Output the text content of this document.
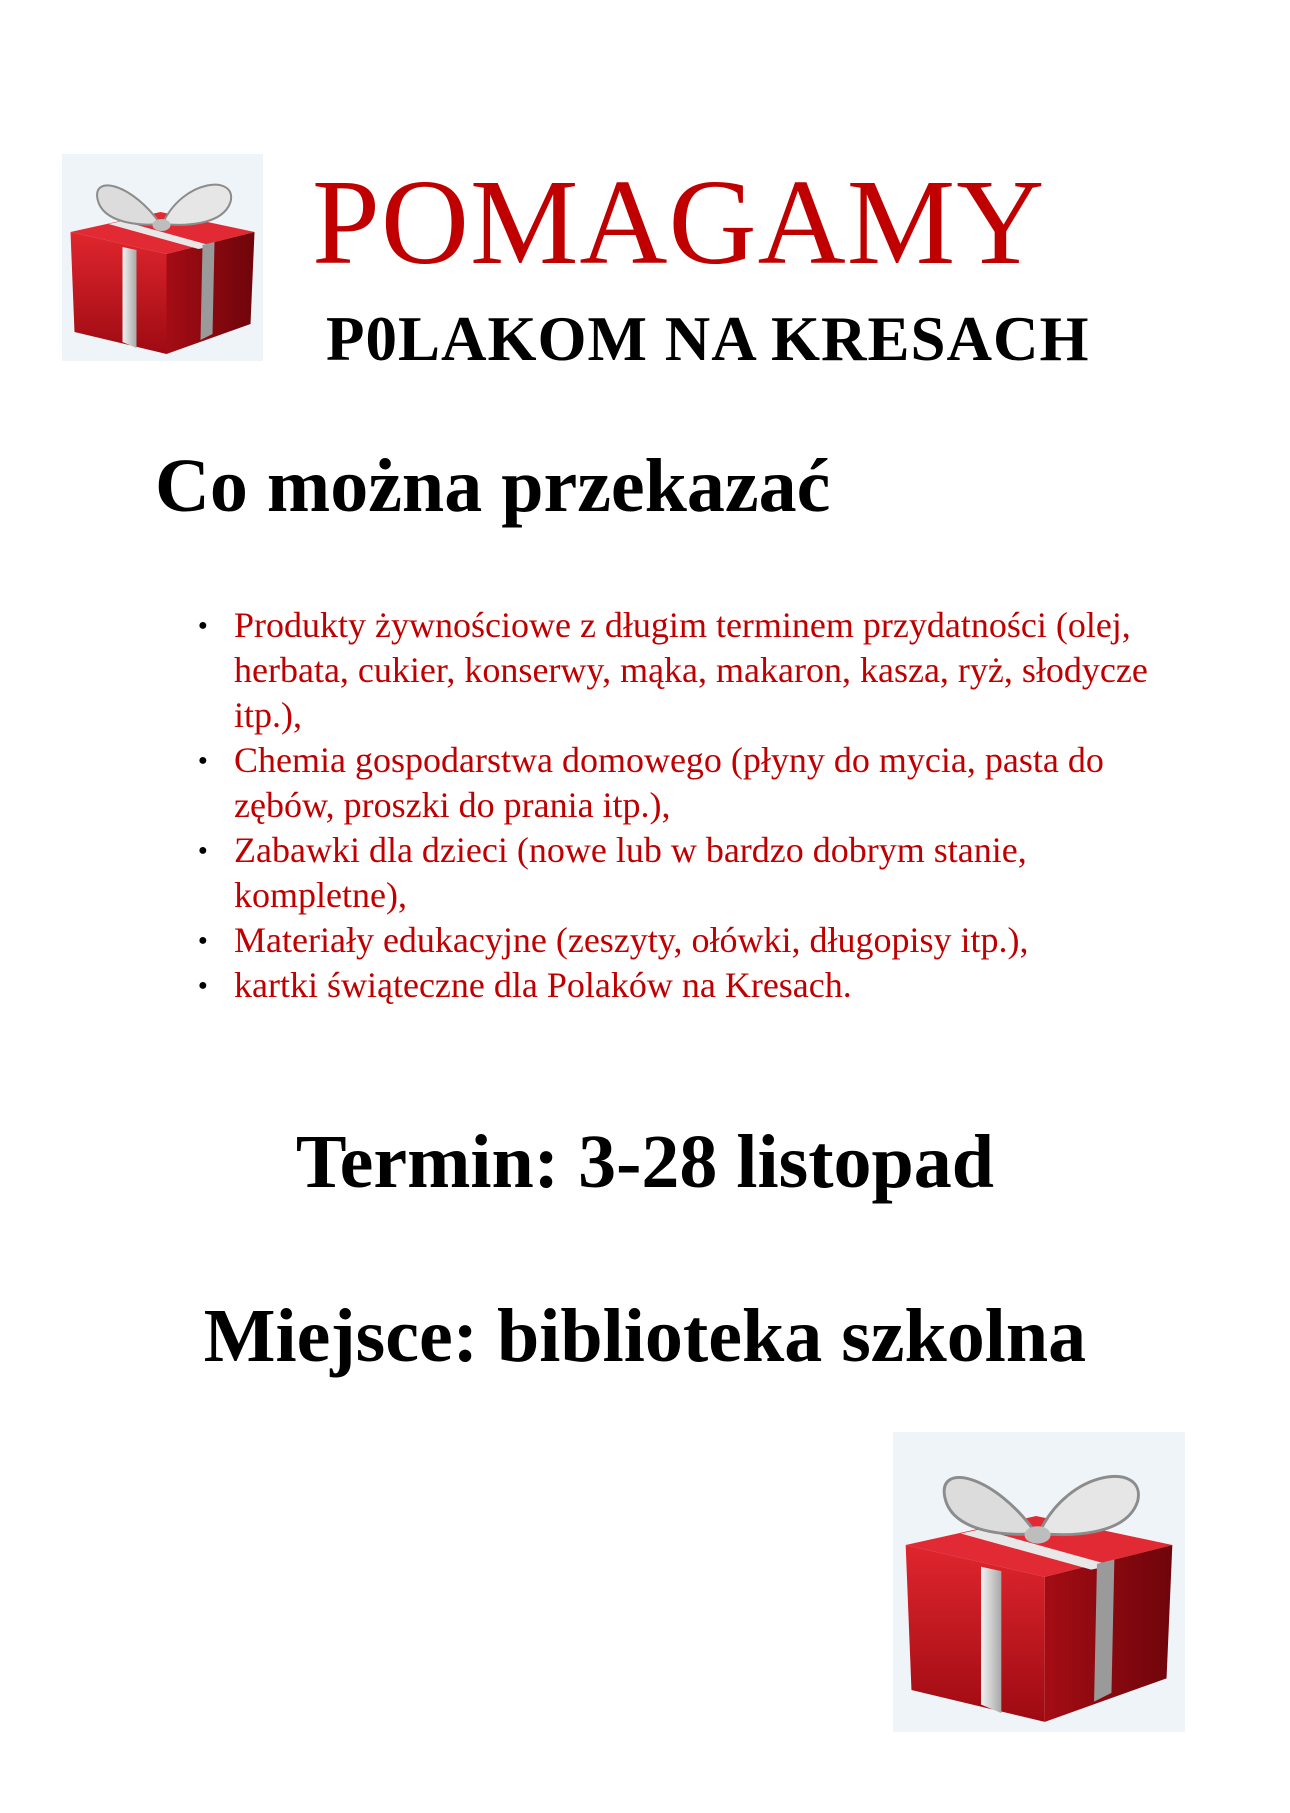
POMAGAMY
P0LAKOM NA KRESACH
Co można przekazać
● Produkty żywnościowe z długim terminem przydatności (olej, herbata, cukier, konserwy, mąka, makaron, kasza, ryż, słodycze itp.),
● Chemia gospodarstwa domowego (płyny do mycia, pasta do zębów, proszki do prania itp.),
● Zabawki dla dzieci (nowe lub w bardzo dobrym stanie, kompletne),
● Materiały edukacyjne (zeszyty, ołówki, długopisy itp.),
● kartki świąteczne dla Polaków na Kresach.

Termin: 3-28 listopad

Miejsce: biblioteka szkolna
